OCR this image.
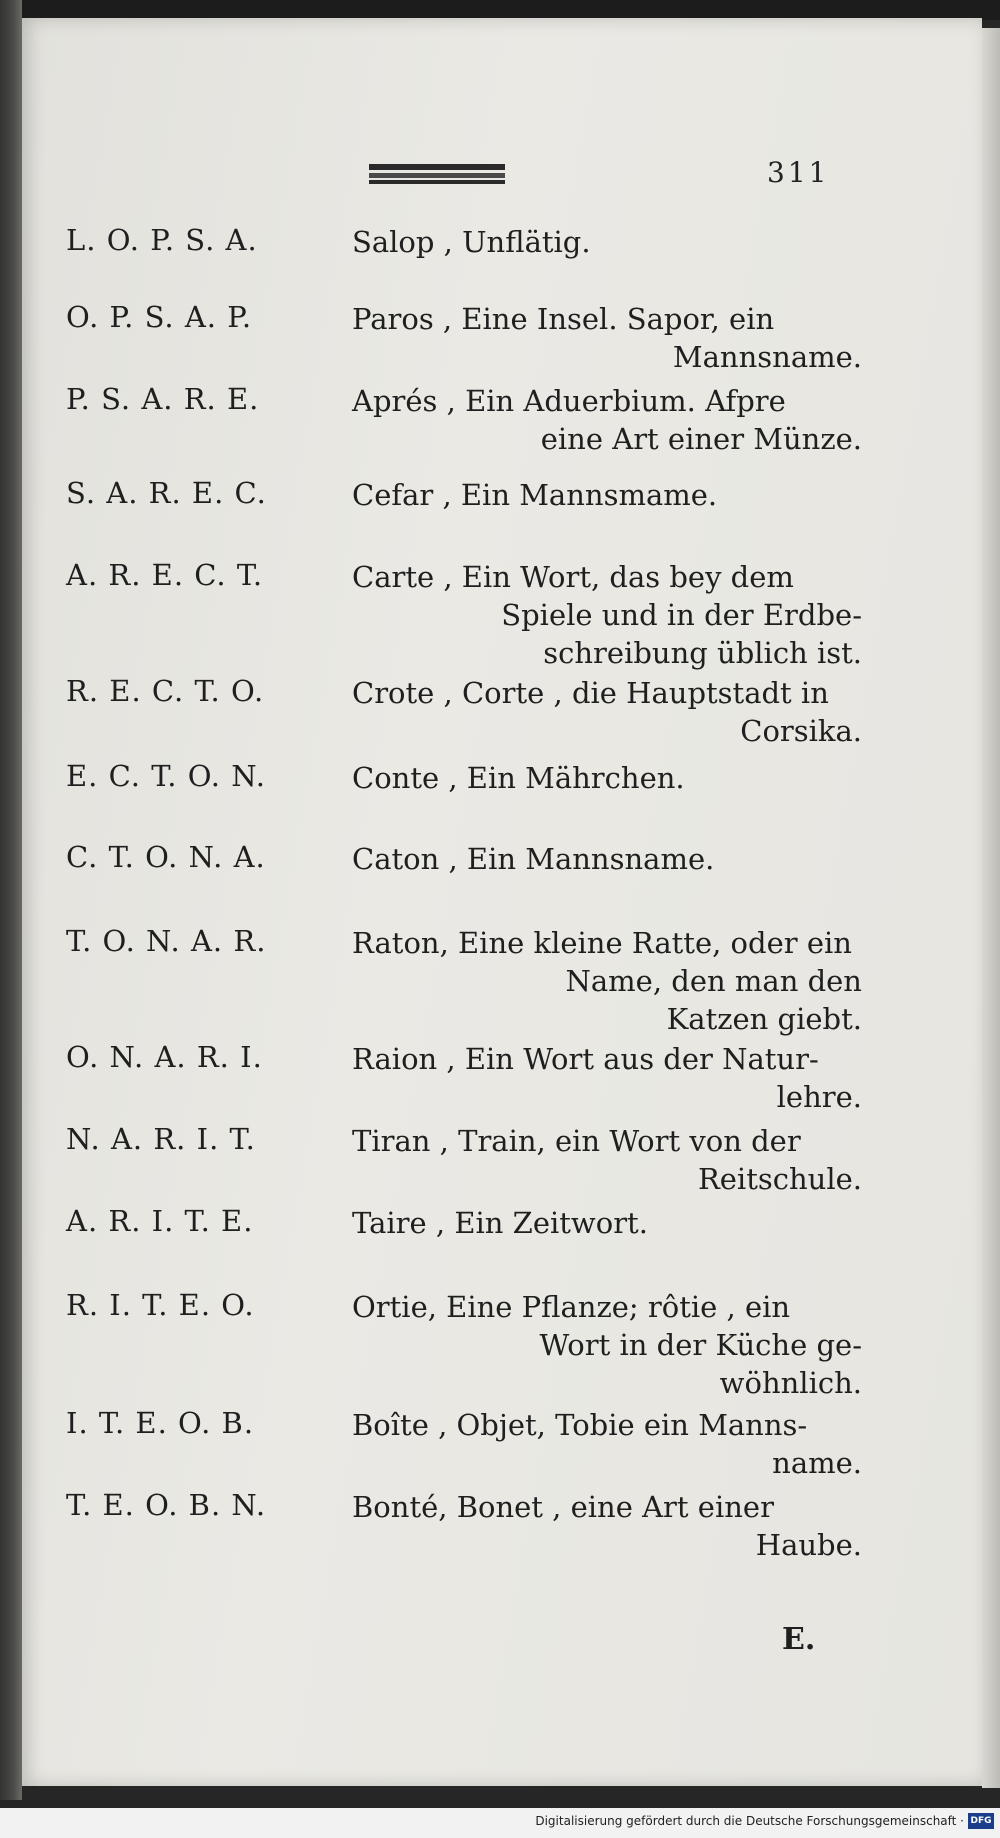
311
L. O. P. S. A.	Salop , Unflätig.
O. P. S. A. P.	Paros , Eine Insel. Sapor, ein
Mannsname.
P. S. A. R. E.	Aprés , Ein Aduerbium. Afpre
eine Art einer Münze.
S. A. R. E. C.	Cefar , Ein Mannsmame.
A. R. E. C. T.	Carte , Ein Wort, das bey dem
Spiele und in der Erdbe-
schreibung üblich ist.
R. E. C. T. O.	Crote , Corte , die Hauptstadt in
Corsika.
E. C. T. O. N.	Conte , Ein Mährchen.
C. T. O. N. A.	Caton , Ein Mannsname.
T. O. N. A. R.	Raton, Eine kleine Ratte, oder ein
Name, den man den
Katzen giebt.
O. N. A. R. I.	Raion , Ein Wort aus der Natur-
lehre.
N. A. R. I. T.	Tiran , Train, ein Wort von der
Reitschule.
A. R. I. T. E.	Taire , Ein Zeitwort.
R. I. T. E. O.	Ortie, Eine Pflanze; rôtie , ein
Wort in der Küche ge-
wöhnlich.
I. T. E. O. B.	Boîte , Objet, Tobie ein Manns-
name.
T. E. O. B. N.	Bonté, Bonet , eine Art einer
Haube.
E.
Digitalisierung gefördert durch die Deutsche Forschungsgemeinschaft · DFG
